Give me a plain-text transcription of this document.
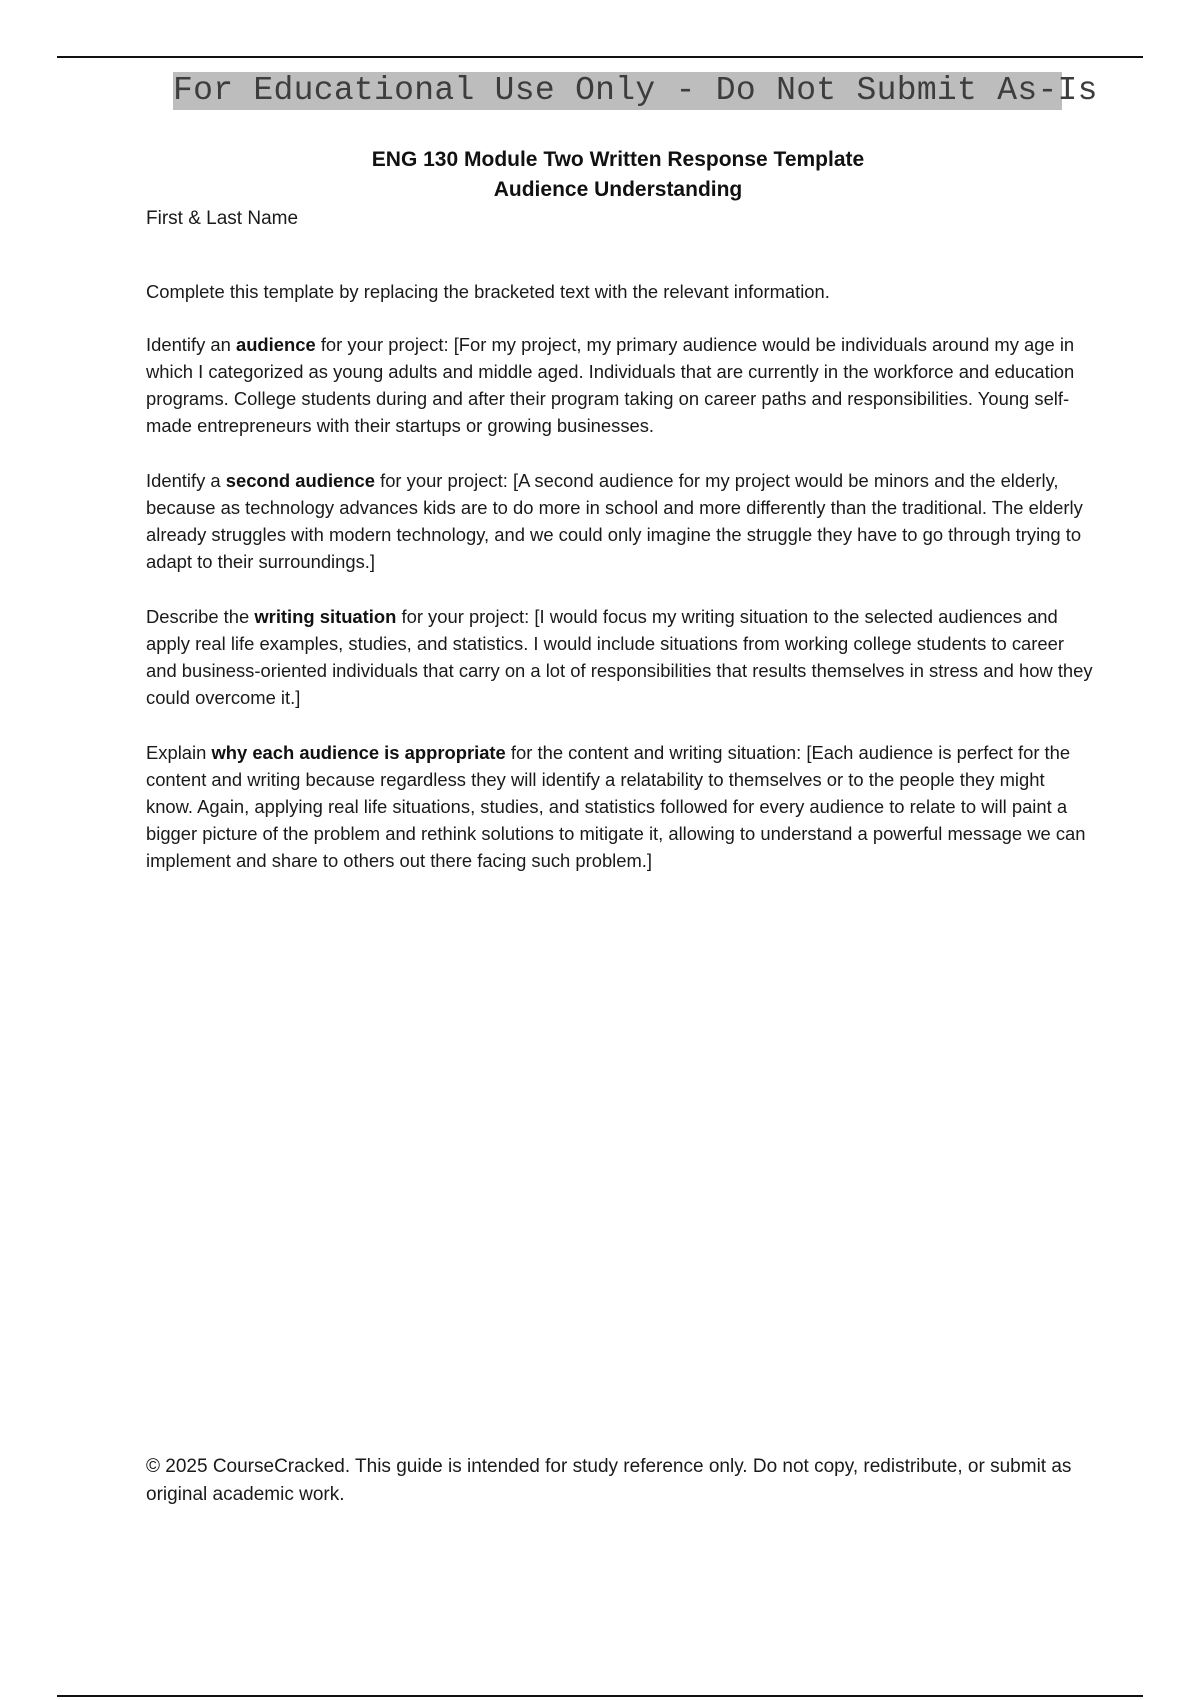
For Educational Use Only - Do Not Submit As-Is
ENG 130 Module Two Written Response Template
Audience Understanding
First & Last Name

Complete this template by replacing the bracketed text with the relevant information.

Identify an audience for your project: [For my project, my primary audience would be individuals around my age in which I categorized as young adults and middle aged. Individuals that are currently in the workforce and education programs. College students during and after their program taking on career paths and responsibilities. Young self-made entrepreneurs with their startups or growing businesses.

Identify a second audience for your project: [A second audience for my project would be minors and the elderly, because as technology advances kids are to do more in school and more differently than the traditional. The elderly already struggles with modern technology, and we could only imagine the struggle they have to go through trying to adapt to their surroundings.]

Describe the writing situation for your project: [I would focus my writing situation to the selected audiences and apply real life examples, studies, and statistics. I would include situations from working college students to career and business-oriented individuals that carry on a lot of responsibilities that results themselves in stress and how they could overcome it.]

Explain why each audience is appropriate for the content and writing situation: [Each audience is perfect for the content and writing because regardless they will identify a relatability to themselves or to the people they might know. Again, applying real life situations, studies, and statistics followed for every audience to relate to will paint a bigger picture of the problem and rethink solutions to mitigate it, allowing to understand a powerful message we can implement and share to others out there facing such problem.]

© 2025 CourseCracked. This guide is intended for study reference only. Do not copy, redistribute, or submit as original academic work.
